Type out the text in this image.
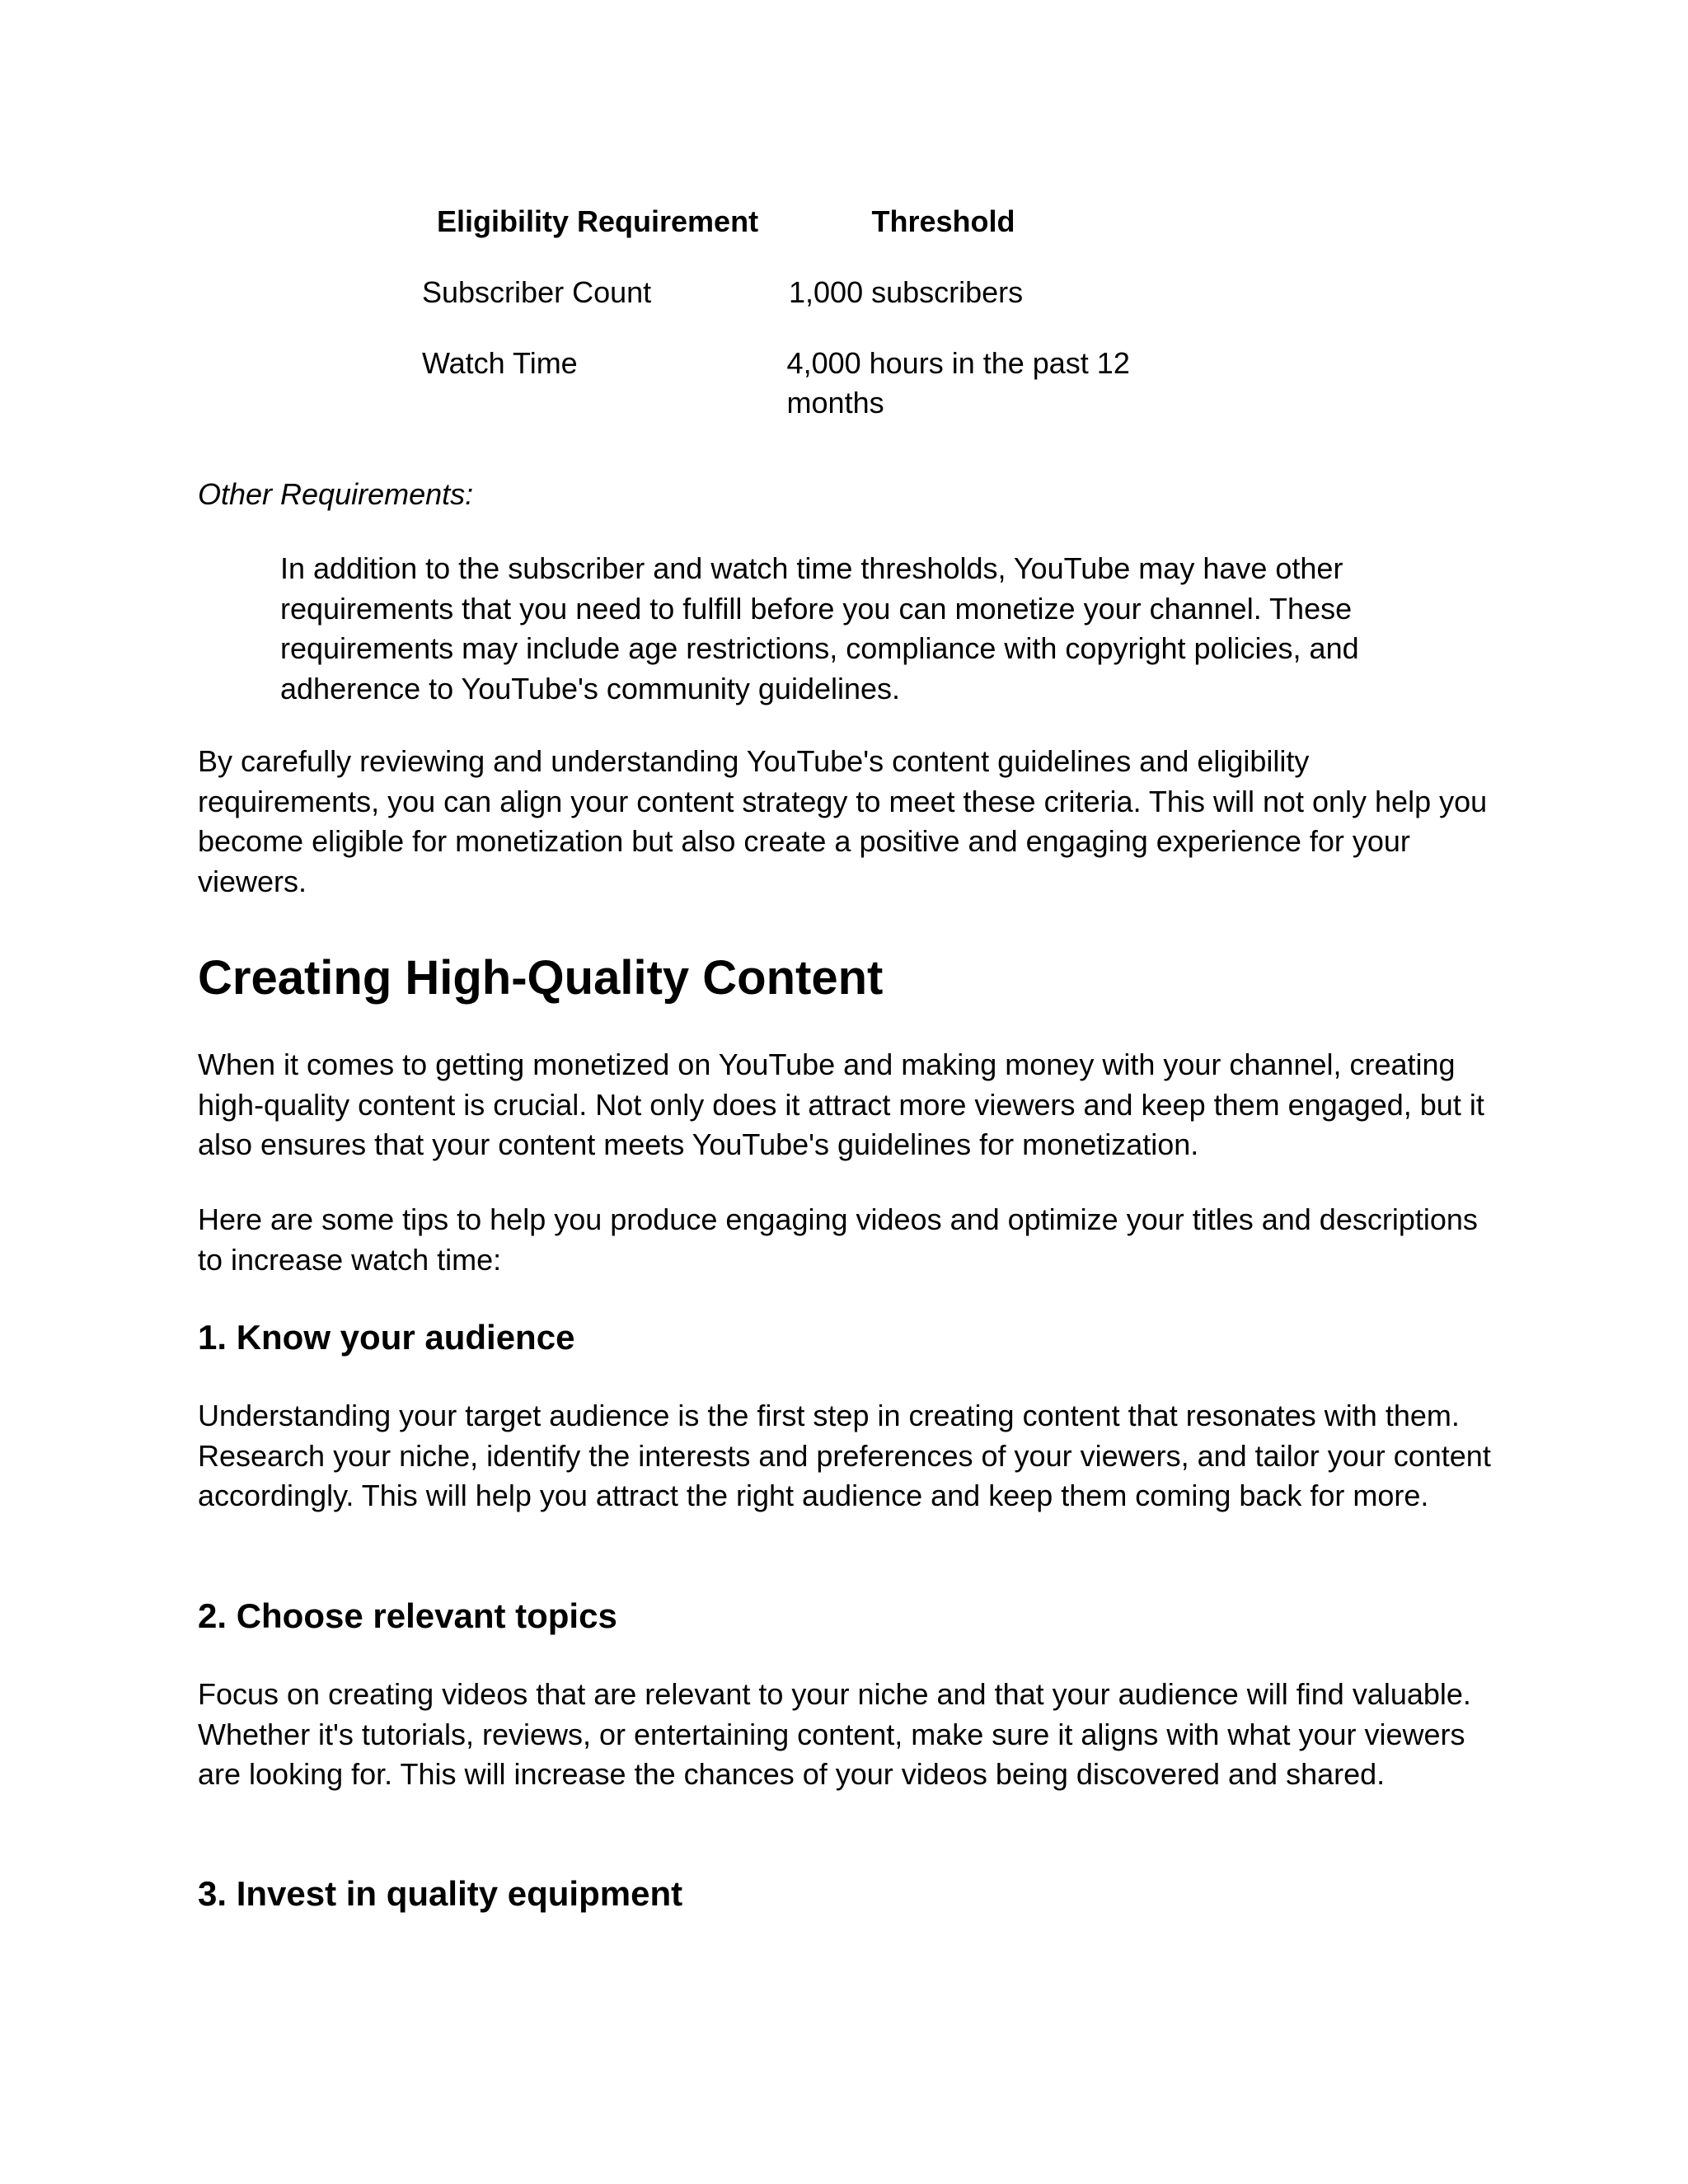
Eligibility Requirement	Threshold
Subscriber Count	1,000 subscribers
Watch Time	4,000 hours in the past 12 months

Other Requirements:

In addition to the subscriber and watch time thresholds, YouTube may have other requirements that you need to fulfill before you can monetize your channel. These requirements may include age restrictions, compliance with copyright policies, and adherence to YouTube's community guidelines.

By carefully reviewing and understanding YouTube's content guidelines and eligibility requirements, you can align your content strategy to meet these criteria. This will not only help you become eligible for monetization but also create a positive and engaging experience for your viewers.

Creating High-Quality Content

When it comes to getting monetized on YouTube and making money with your channel, creating high-quality content is crucial. Not only does it attract more viewers and keep them engaged, but it also ensures that your content meets YouTube's guidelines for monetization.

Here are some tips to help you produce engaging videos and optimize your titles and descriptions to increase watch time:

1. Know your audience

Understanding your target audience is the first step in creating content that resonates with them. Research your niche, identify the interests and preferences of your viewers, and tailor your content accordingly. This will help you attract the right audience and keep them coming back for more.

2. Choose relevant topics

Focus on creating videos that are relevant to your niche and that your audience will find valuable. Whether it's tutorials, reviews, or entertaining content, make sure it aligns with what your viewers are looking for. This will increase the chances of your videos being discovered and shared.

3. Invest in quality equipment
